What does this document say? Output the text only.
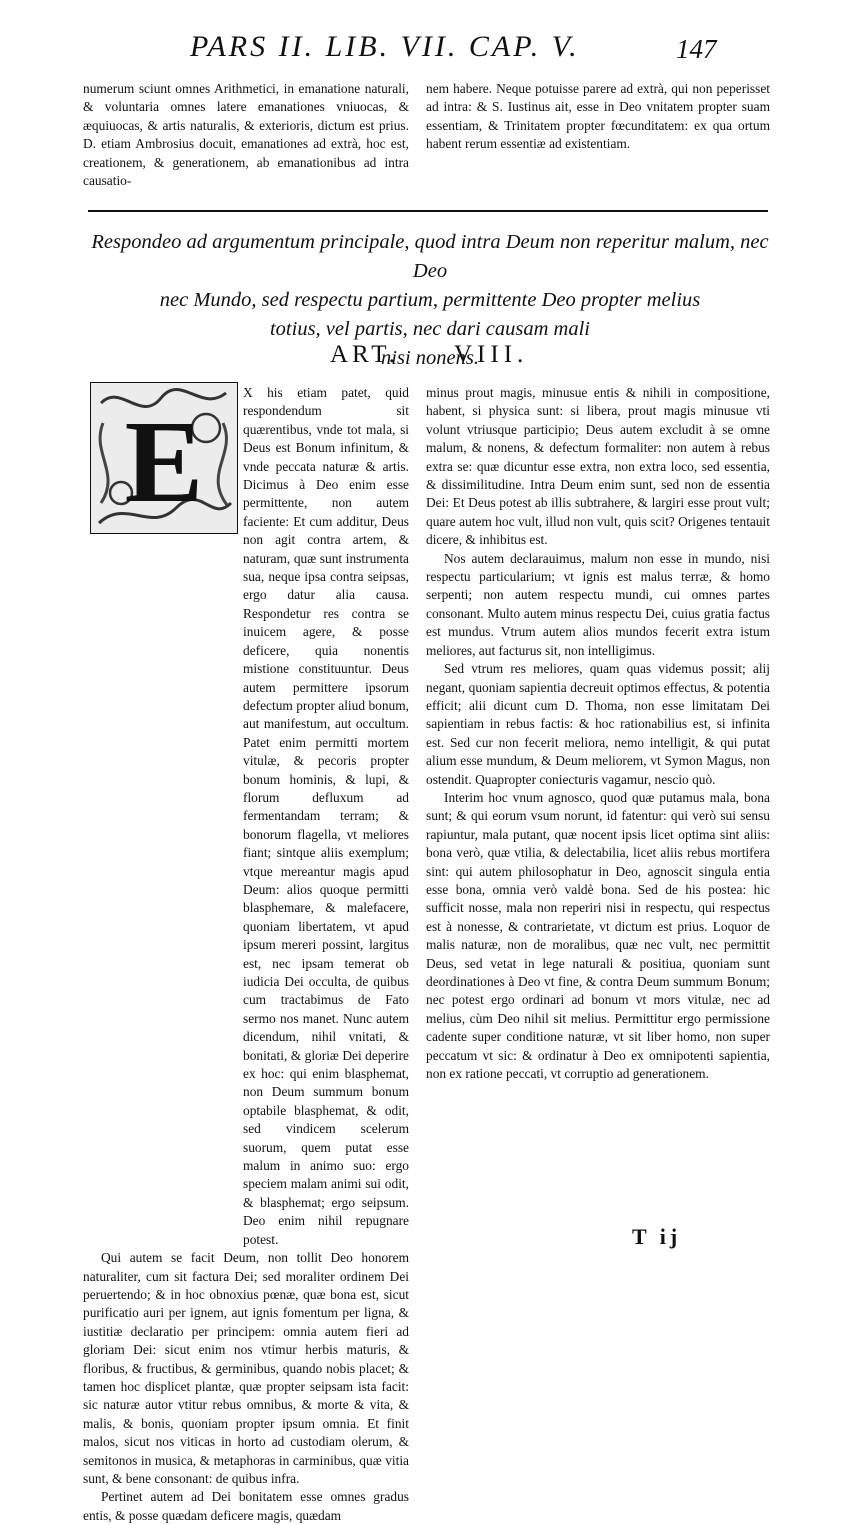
PARS II. LIB. VII. CAP. V.	147

numerum sciunt omnes Arithmetici, in emanatione naturali, & voluntaria omnes latere emanationes vniuocas, & æquiuocas, & artis naturalis, & exterioris, dictum est prius. D. etiam Ambrosius docuit, emanationes ad extrà, hoc est, creationem, & generationem, ab emanationibus ad intra causatio-

nem habere. Neque potuisse parere ad extrà, qui non peperisset ad intra: & S. Iustinus ait, esse in Deo vnitatem propter suam essentiam, & Trinitatem propter fœcunditatem: ex qua ortum habent rerum essentiæ ad existentiam.

Respondeo ad argumentum principale, quod intra Deum non reperitur malum, nec Deo

nec Mundo, sed respectu partium, permittente Deo propter melius

totius, vel partis, nec dari causam mali

nisi nonens.

ART. VIII.
E

X his etiam patet, quid respondendum sit quærentibus, vnde tot mala, si Deus est Bonum infinitum, & vnde peccata naturæ & artis. Dicimus à Deo enim esse permittente, non autem faciente: Et cum additur, Deus non agit contra artem, & naturam, quæ sunt instrumenta sua, neque ipsa contra seipsas, ergo datur alia causa. Respondetur res contra se inuicem agere, & posse deficere, quia nonentis mistione constituuntur. Deus autem permittere ipsorum defectum propter aliud bonum, aut manifestum, aut occultum. Patet enim permitti mortem vitulæ, & pecoris propter bonum hominis, & lupi, & florum defluxum ad fermentandam terram; & bonorum flagella, vt meliores fiant; sintque aliis exemplum; vtque mereantur magis apud Deum: alios quoque permitti blasphemare, & malefacere, quoniam libertatem, vt apud ipsum mereri possint, largitus est, nec ipsam temerat ob iudicia Dei occulta, de quibus cum tractabimus de Fato sermo nos manet. Nunc autem dicendum, nihil vnitati, & bonitati, & gloriæ Dei deperire ex hoc: qui enim blasphemat, non Deum summum bonum optabile blasphemat, & odit, sed vindicem scelerum suorum, quem putat esse malum in animo suo: ergo speciem malam animi sui odit, & blasphemat; ergo seipsum. Deo enim nihil repugnare potest.

Qui autem se facit Deum, non tollit Deo honorem naturaliter, cum sit factura Dei; sed moraliter ordinem Dei peruertendo; & in hoc obnoxius pœnæ, quæ bona est, sicut purificatio auri per ignem, aut ignis fomentum per ligna, & iustitiæ declaratio per principem: omnia autem fieri ad gloriam Dei: sicut enim nos vtimur herbis maturis, & floribus, & fructibus, & germinibus, quando nobis placet; & tamen hoc displicet plantæ, quæ propter seipsam ista facit: sic naturæ autor vtitur rebus omnibus, & morte & vita, & malis, & bonis, quoniam propter ipsum omnia. Et finit malos, sicut nos viticas in horto ad custodiam olerum, & semitonos in musica, & metaphoras in carminibus, quæ vitia sunt, & bene consonant: de quibus infra.

Pertinet autem ad Dei bonitatem esse omnes gradus entis, & posse quædam deficere magis, quædam

minus prout magis, minusue entis & nihili in compositione, habent, si physica sunt: si libera, prout magis minusue vti volunt vtriusque participio; Deus autem excludit à se omne malum, & nonens, & defectum formaliter: non autem à rebus extra se: quæ dicuntur esse extra, non extra loco, sed essentia, & dissimilitudine. Intra Deum enim sunt, sed non de essentia Dei: Et Deus potest ab illis subtrahere, & largiri esse prout vult; quare autem hoc vult, illud non vult, quis scit? Origenes tentauit dicere, & inhibitus est.

Nos autem declarauimus, malum non esse in mundo, nisi respectu particularium; vt ignis est malus terræ, & homo serpenti; non autem respectu mundi, cui omnes partes consonant. Multo autem minus respectu Dei, cuius gratia factus est mundus. Vtrum autem alios mundos fecerit extra istum meliores, aut facturus sit, non intelligimus.

Sed vtrum res meliores, quam quas videmus possit; alij negant, quoniam sapientia decreuit optimos effectus, & potentia efficit; alii dicunt cum D. Thoma, non esse limitatam Dei sapientiam in rebus factis: & hoc rationabilius est, si infinita est. Sed cur non fecerit meliora, nemo intelligit, & qui putat alium esse mundum, & Deum meliorem, vt Symon Magus, non ostendit. Quapropter coniecturis vagamur, nescio quò.

Interim hoc vnum agnosco, quod quæ putamus mala, bona sunt; & qui eorum vsum norunt, id fatentur: qui verò sui sensu rapiuntur, mala putant, quæ nocent ipsis licet optima sint aliis: bona verò, quæ vtilia, & delectabilia, licet aliis rebus mortifera sint: qui autem philosophatur in Deo, agnoscit singula entia esse bona, omnia verò valdè bona. Sed de his postea: hic sufficit nosse, mala non reperiri nisi in respectu, qui respectus est à nonesse, & contrarietate, vt dictum est prius. Loquor de malis naturæ, non de moralibus, quæ nec vult, nec permittit Deus, sed vetat in lege naturali & positiua, quoniam sunt deordinationes à Deo vt fine, & contra Deum summum Bonum; nec potest ergo ordinari ad bonum vt mors vitulæ, nec ad melius, cùm Deo nihil sit melius. Permittitur ergo permissione cadente super conditione naturæ, vt sit liber homo, non super peccatum vt sic: & ordinatur à Deo ex omnipotenti sapientia, non ex ratione peccati, vt corruptio ad generationem.

T ij
